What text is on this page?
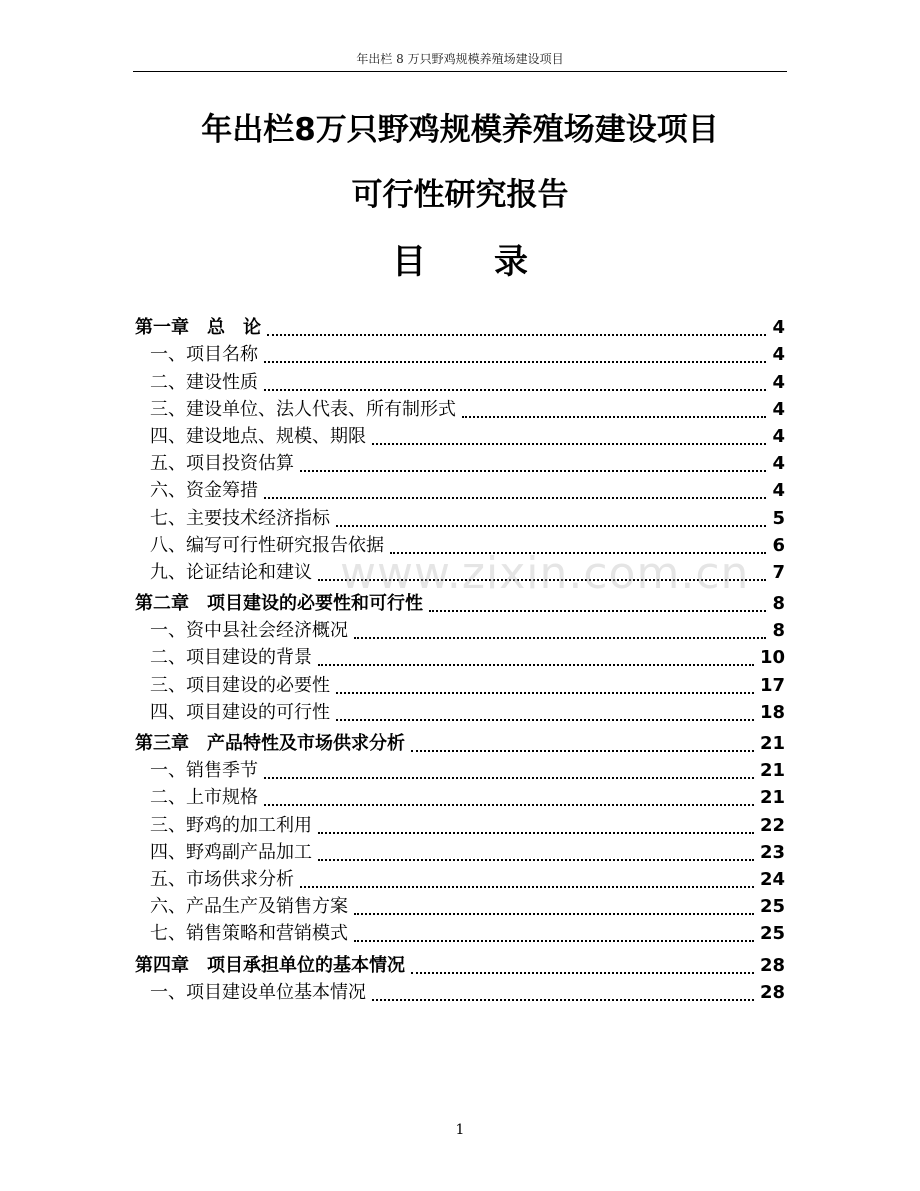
年出栏 8 万只野鸡规模养殖场建设项目
年出栏8万只野鸡规模养殖场建设项目
可行性研究报告
目　　录
第一章　总　论	4
一、项目名称	4
二、建设性质	4
三、建设单位、法人代表、所有制形式	4
四、建设地点、规模、期限	4
五、项目投资估算	4
六、资金筹措	4
七、主要技术经济指标	5
八、编写可行性研究报告依据	6
九、论证结论和建议	7
第二章　项目建设的必要性和可行性	8
一、资中县社会经济概况	8
二、项目建设的背景	10
三、项目建设的必要性	17
四、项目建设的可行性	18
第三章　产品特性及市场供求分析	21
一、销售季节	21
二、上市规格	21
三、野鸡的加工利用	22
四、野鸡副产品加工	23
五、市场供求分析	24
六、产品生产及销售方案	25
七、销售策略和营销模式	25
第四章　项目承担单位的基本情况	28
一、项目建设单位基本情况	28
www.zixin.com.cn
1
